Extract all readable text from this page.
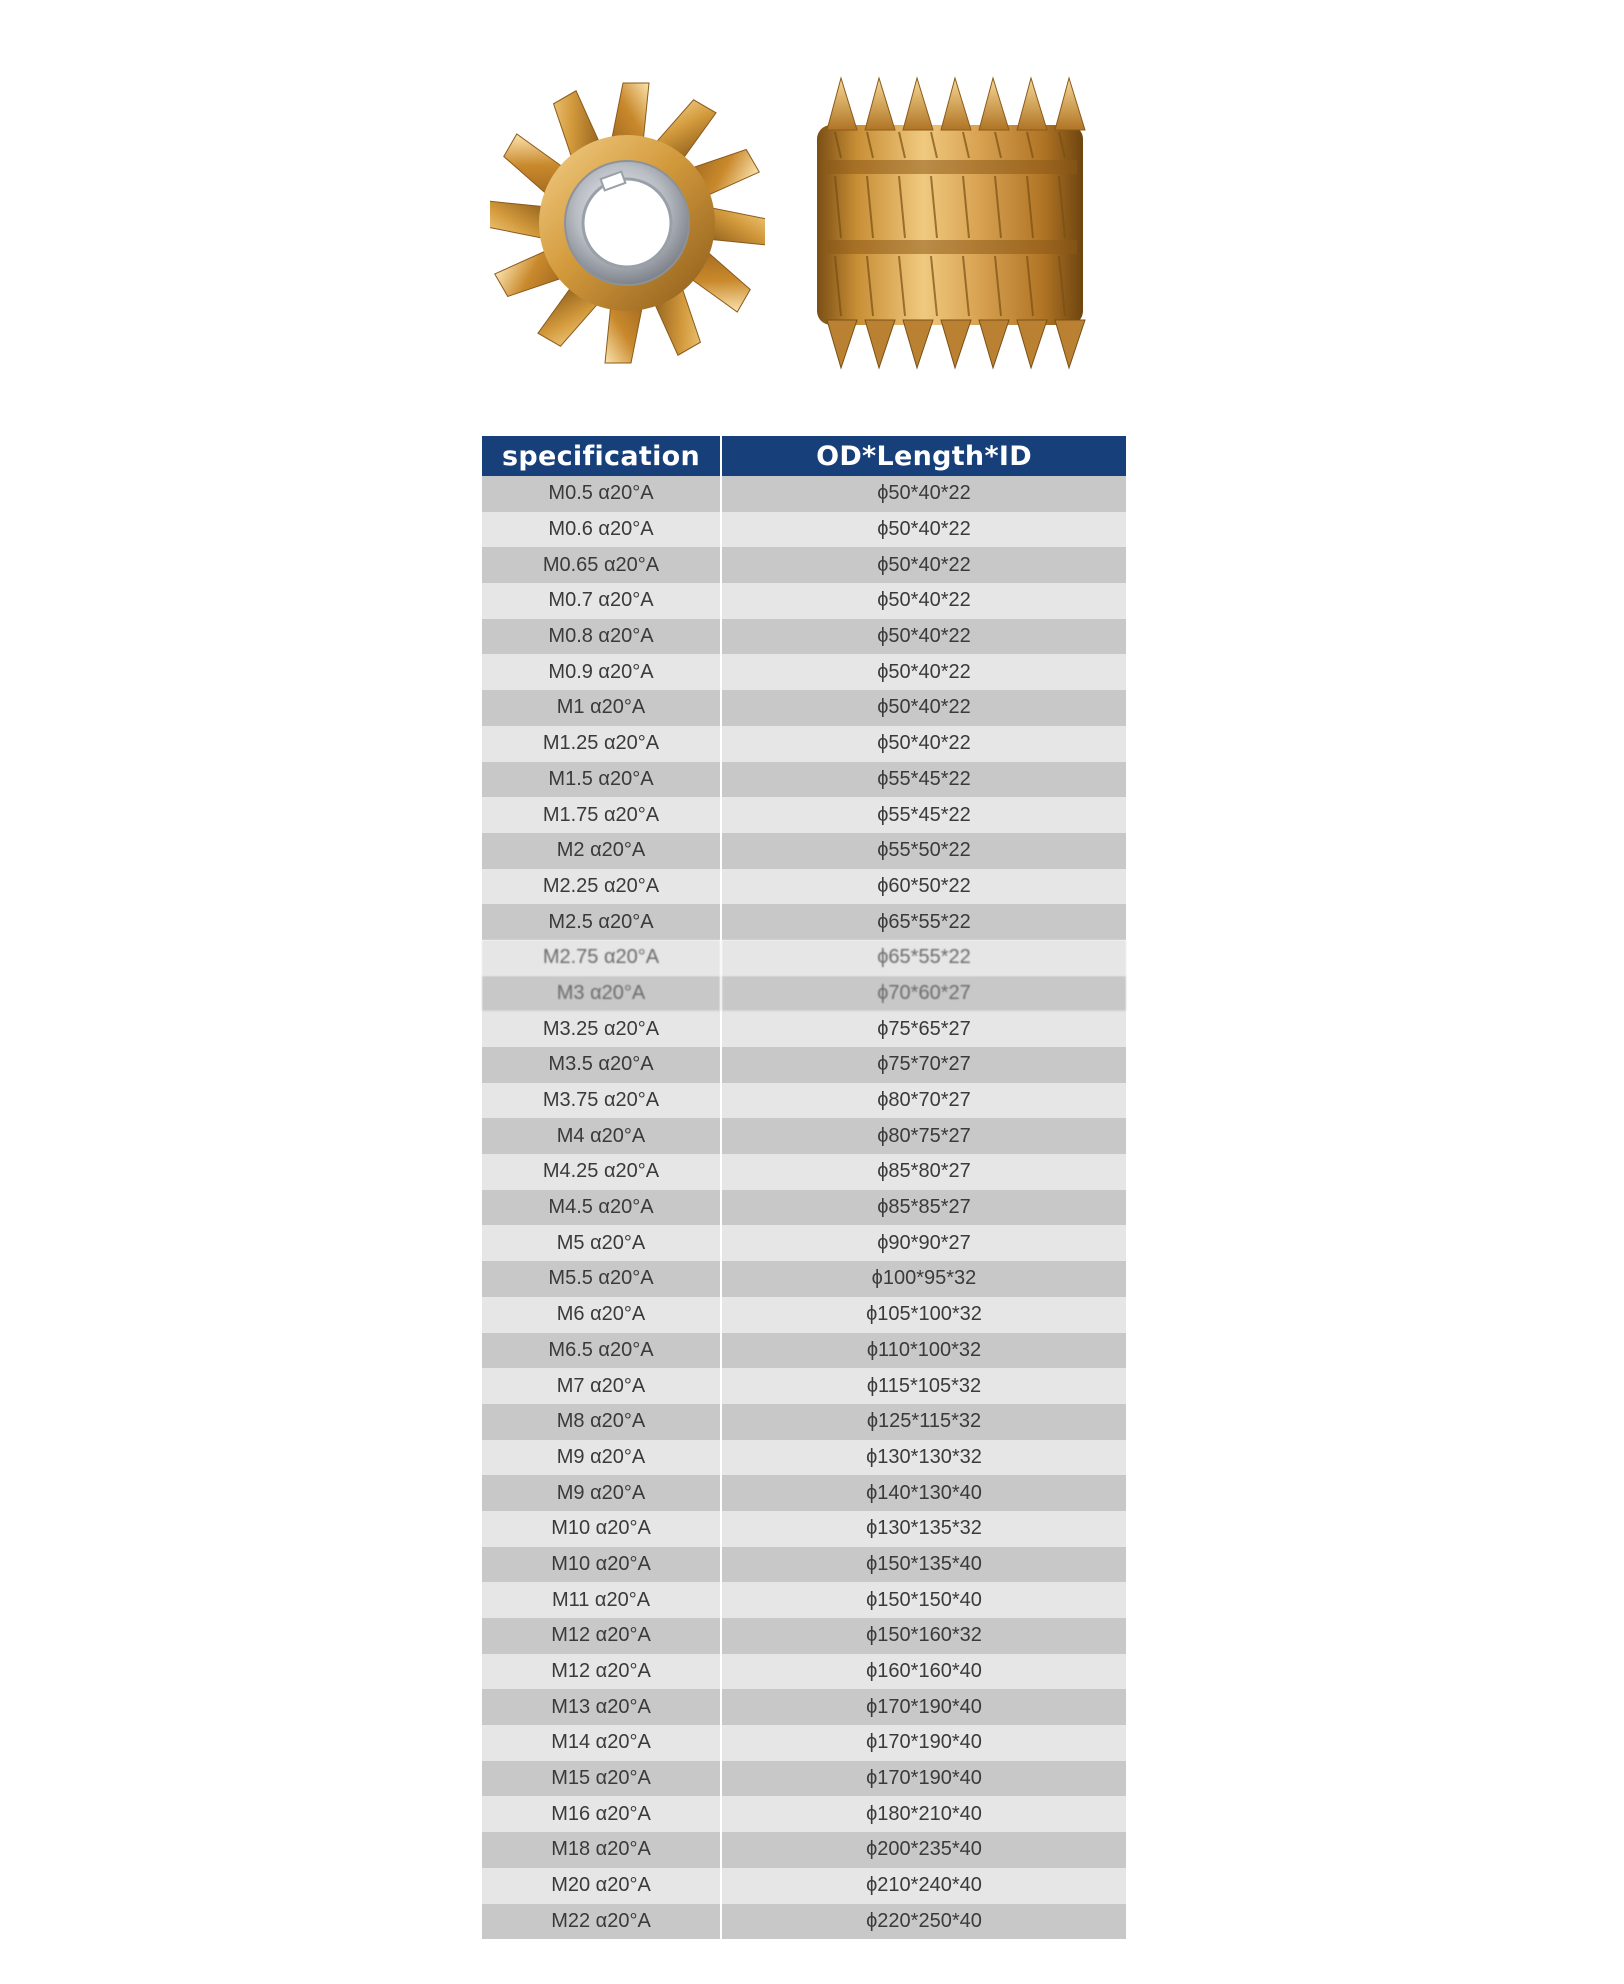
specification	OD*Length*ID
M0.5 α20°A	ϕ50*40*22
M0.6 α20°A	ϕ50*40*22
M0.65 α20°A	ϕ50*40*22
M0.7 α20°A	ϕ50*40*22
M0.8 α20°A	ϕ50*40*22
M0.9 α20°A	ϕ50*40*22
M1 α20°A	ϕ50*40*22
M1.25 α20°A	ϕ50*40*22
M1.5 α20°A	ϕ55*45*22
M1.75 α20°A	ϕ55*45*22
M2 α20°A	ϕ55*50*22
M2.25 α20°A	ϕ60*50*22
M2.5 α20°A	ϕ65*55*22
M2.75 α20°A	ϕ65*55*22
M3 α20°A	ϕ70*60*27
M3.25 α20°A	ϕ75*65*27
M3.5 α20°A	ϕ75*70*27
M3.75 α20°A	ϕ80*70*27
M4 α20°A	ϕ80*75*27
M4.25 α20°A	ϕ85*80*27
M4.5 α20°A	ϕ85*85*27
M5 α20°A	ϕ90*90*27
M5.5 α20°A	ϕ100*95*32
M6 α20°A	ϕ105*100*32
M6.5 α20°A	ϕ110*100*32
M7 α20°A	ϕ115*105*32
M8 α20°A	ϕ125*115*32
M9 α20°A	ϕ130*130*32
M9 α20°A	ϕ140*130*40
M10 α20°A	ϕ130*135*32
M10 α20°A	ϕ150*135*40
M11 α20°A	ϕ150*150*40
M12 α20°A	ϕ150*160*32
M12 α20°A	ϕ160*160*40
M13 α20°A	ϕ170*190*40
M14 α20°A	ϕ170*190*40
M15 α20°A	ϕ170*190*40
M16 α20°A	ϕ180*210*40
M18 α20°A	ϕ200*235*40
M20 α20°A	ϕ210*240*40
M22 α20°A	ϕ220*250*40
